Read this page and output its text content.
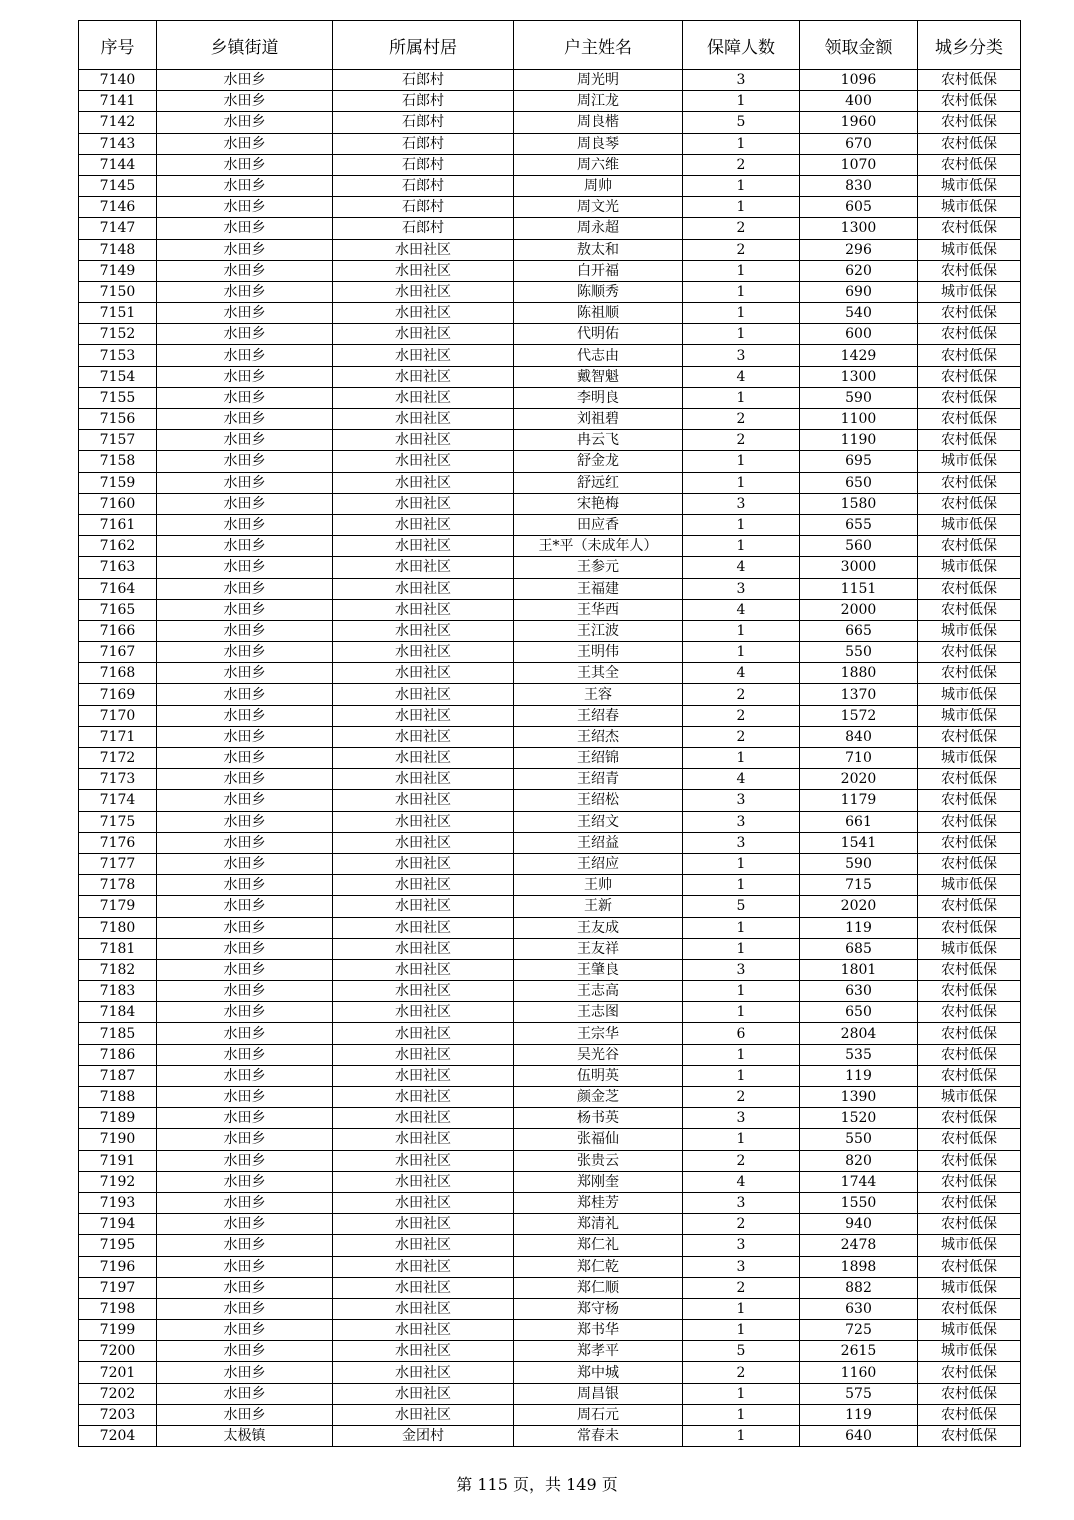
序号	乡镇街道	所属村居	户主姓名	保障人数	领取金额	城乡分类
7140	水田乡	石郎村	周光明	3	1096	农村低保
7141	水田乡	石郎村	周江龙	1	400	农村低保
7142	水田乡	石郎村	周良楷	5	1960	农村低保
7143	水田乡	石郎村	周良琴	1	670	农村低保
7144	水田乡	石郎村	周六维	2	1070	农村低保
7145	水田乡	石郎村	周帅	1	830	城市低保
7146	水田乡	石郎村	周文光	1	605	城市低保
7147	水田乡	石郎村	周永超	2	1300	农村低保
7148	水田乡	水田社区	敖太和	2	296	城市低保
7149	水田乡	水田社区	白开福	1	620	农村低保
7150	水田乡	水田社区	陈顺秀	1	690	城市低保
7151	水田乡	水田社区	陈祖顺	1	540	农村低保
7152	水田乡	水田社区	代明佑	1	600	农村低保
7153	水田乡	水田社区	代志由	3	1429	农村低保
7154	水田乡	水田社区	戴智魁	4	1300	农村低保
7155	水田乡	水田社区	李明良	1	590	农村低保
7156	水田乡	水田社区	刘祖碧	2	1100	农村低保
7157	水田乡	水田社区	冉云飞	2	1190	农村低保
7158	水田乡	水田社区	舒金龙	1	695	城市低保
7159	水田乡	水田社区	舒远红	1	650	农村低保
7160	水田乡	水田社区	宋艳梅	3	1580	农村低保
7161	水田乡	水田社区	田应香	1	655	城市低保
7162	水田乡	水田社区	王*平（未成年人）	1	560	农村低保
7163	水田乡	水田社区	王参元	4	3000	城市低保
7164	水田乡	水田社区	王福建	3	1151	农村低保
7165	水田乡	水田社区	王华西	4	2000	农村低保
7166	水田乡	水田社区	王江波	1	665	城市低保
7167	水田乡	水田社区	王明伟	1	550	农村低保
7168	水田乡	水田社区	王其全	4	1880	农村低保
7169	水田乡	水田社区	王容	2	1370	城市低保
7170	水田乡	水田社区	王绍春	2	1572	城市低保
7171	水田乡	水田社区	王绍杰	2	840	农村低保
7172	水田乡	水田社区	王绍锦	1	710	城市低保
7173	水田乡	水田社区	王绍青	4	2020	农村低保
7174	水田乡	水田社区	王绍松	3	1179	农村低保
7175	水田乡	水田社区	王绍文	3	661	农村低保
7176	水田乡	水田社区	王绍益	3	1541	农村低保
7177	水田乡	水田社区	王绍应	1	590	农村低保
7178	水田乡	水田社区	王帅	1	715	城市低保
7179	水田乡	水田社区	王新	5	2020	农村低保
7180	水田乡	水田社区	王友成	1	119	农村低保
7181	水田乡	水田社区	王友祥	1	685	城市低保
7182	水田乡	水田社区	王肇良	3	1801	农村低保
7183	水田乡	水田社区	王志高	1	630	农村低保
7184	水田乡	水田社区	王志图	1	650	农村低保
7185	水田乡	水田社区	王宗华	6	2804	农村低保
7186	水田乡	水田社区	吴光谷	1	535	农村低保
7187	水田乡	水田社区	伍明英	1	119	农村低保
7188	水田乡	水田社区	颜金芝	2	1390	城市低保
7189	水田乡	水田社区	杨书英	3	1520	农村低保
7190	水田乡	水田社区	张福仙	1	550	农村低保
7191	水田乡	水田社区	张贵云	2	820	农村低保
7192	水田乡	水田社区	郑刚奎	4	1744	农村低保
7193	水田乡	水田社区	郑桂芳	3	1550	农村低保
7194	水田乡	水田社区	郑清礼	2	940	农村低保
7195	水田乡	水田社区	郑仁礼	3	2478	城市低保
7196	水田乡	水田社区	郑仁乾	3	1898	农村低保
7197	水田乡	水田社区	郑仁顺	2	882	城市低保
7198	水田乡	水田社区	郑守杨	1	630	农村低保
7199	水田乡	水田社区	郑书华	1	725	城市低保
7200	水田乡	水田社区	郑孝平	5	2615	城市低保
7201	水田乡	水田社区	郑中城	2	1160	农村低保
7202	水田乡	水田社区	周昌银	1	575	农村低保
7203	水田乡	水田社区	周石元	1	119	农村低保
7204	太极镇	金团村	常春未	1	640	农村低保
第 115 页，共 149 页
